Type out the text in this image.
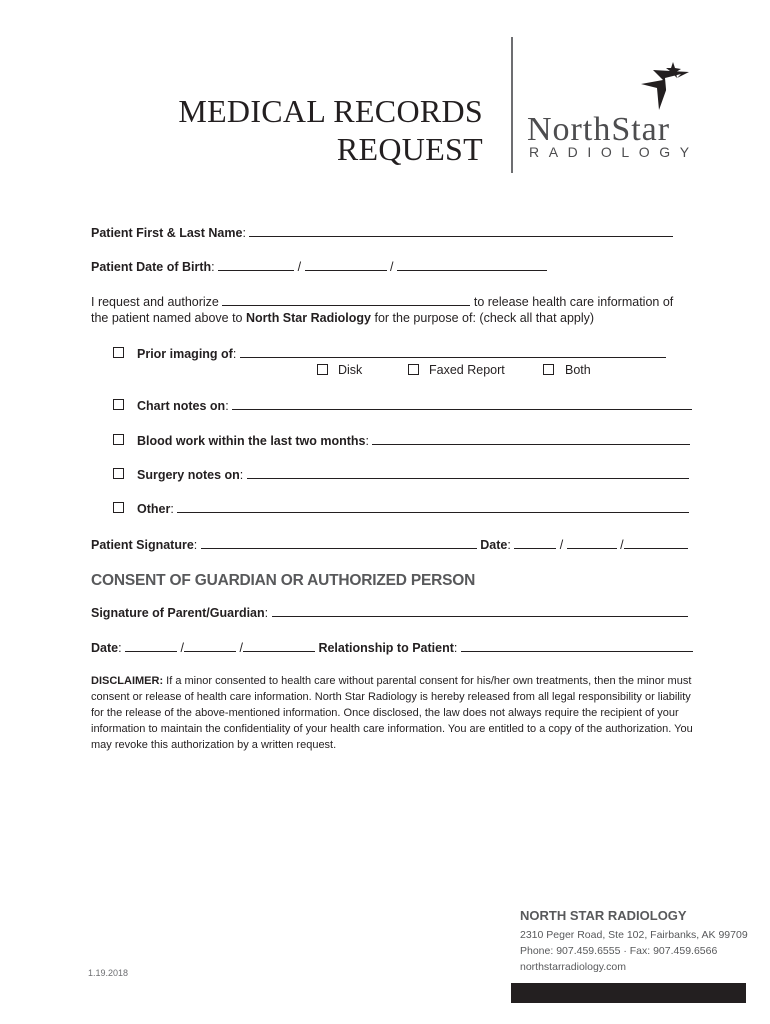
MEDICAL RECORDS
REQUEST
NorthStar
RADIOLOGY
Patient First & Last Name:
Patient Date of Birth:	/	/
I request and authorize	to release health care information of
the patient named above to North Star Radiology for the purpose of: (check all that apply)
Prior imaging of:
Disk	Faxed Report	Both
Chart notes on:
Blood work within the last two months:
Surgery notes on:
Other:
Patient Signature:	Date:	/	/
CONSENT OF GUARDIAN OR AUTHORIZED PERSON
Signature of Parent/Guardian:
Date:	/	/	Relationship to Patient:
DISCLAIMER: If a minor consented to health care without parental consent for his/her own treatments, then the minor must consent or release of health care information. North Star Radiology is hereby released from all legal responsibility or liability for the release of the above-mentioned information. Once disclosed, the law does not always require the recipient of your information to maintain the confidentiality of your health care information. You are entitled to a copy of the authorization. You may revoke this authorization by a written request.
NORTH STAR RADIOLOGY
2310 Peger Road, Ste 102, Fairbanks, AK 99709
Phone: 907.459.6555 · Fax: 907.459.6566
northstarradiology.com
1.19.2018
